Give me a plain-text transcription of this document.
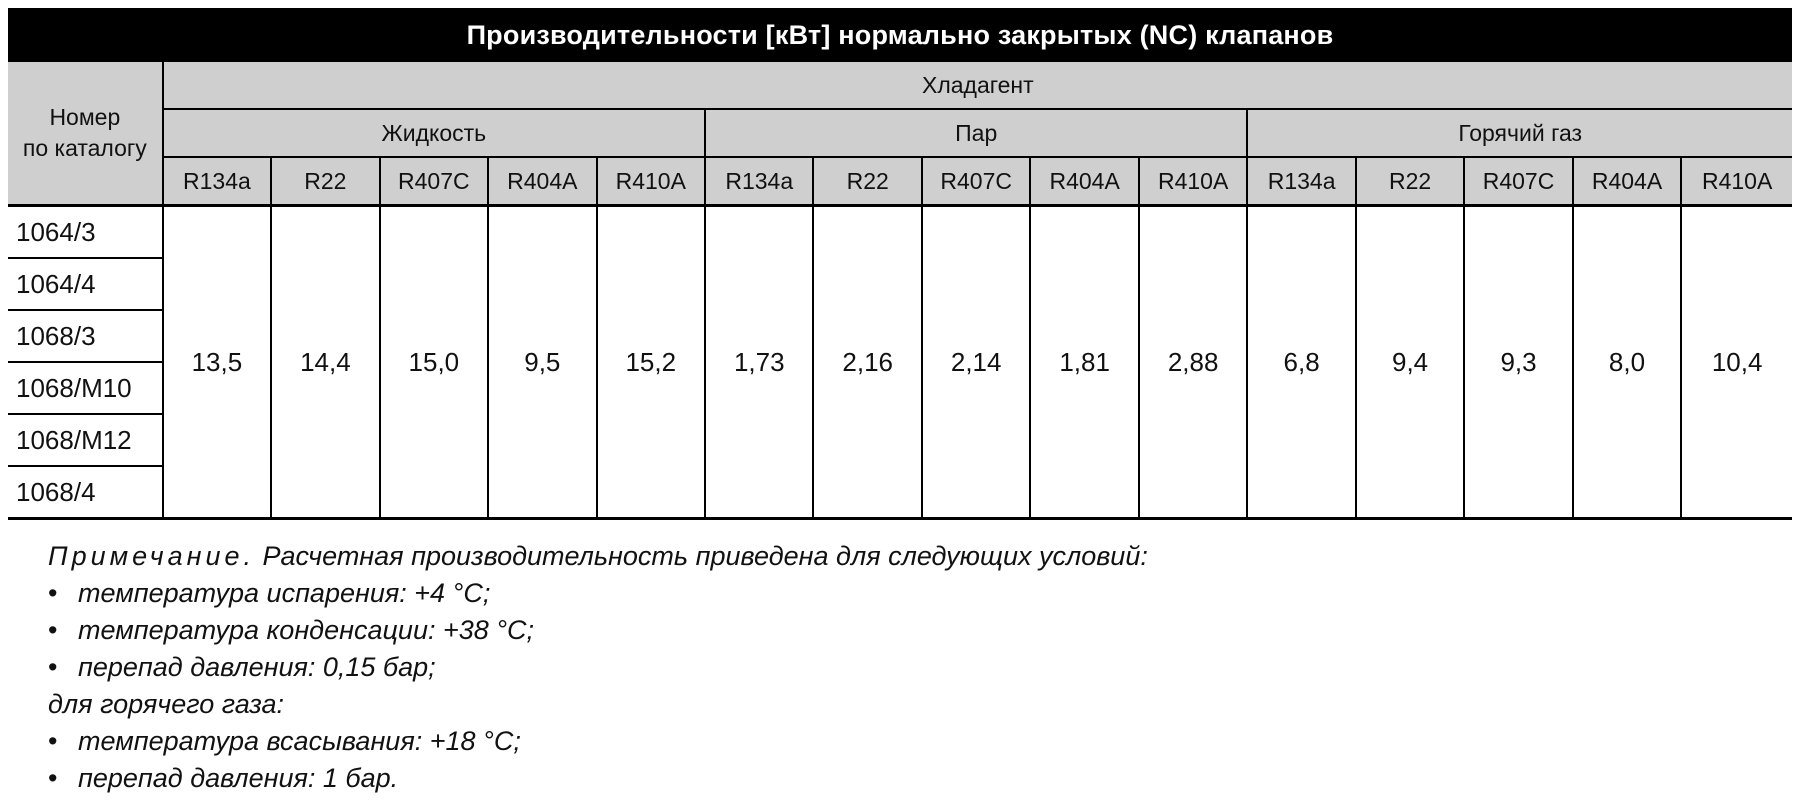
Производительности [кВт] нормально закрытых (NC) клапанов
Номер
по каталогу	Хладагент														
	Жидкость					Пар					Горячий газ				
	R134a	R22	R407C	R404A	R410A	R134a	R22	R407C	R404A	R410A	R134a	R22	R407C	R404A	R410A
1064/3	13,5	14,4	15,0	9,5	15,2	1,73	2,16	2,14	1,81	2,88	6,8	9,4	9,3	8,0	10,4
1064/4															
1068/3															
1068/M10															
1068/M12															
1068/4															
Примечание. Расчетная производительность приведена для следующих условий:
• температура испарения: +4 °С;
• температура конденсации: +38 °С;
• перепад давления: 0,15 бар;
для горячего газа:
• температура всасывания: +18 °С;
• перепад давления: 1 бар.
